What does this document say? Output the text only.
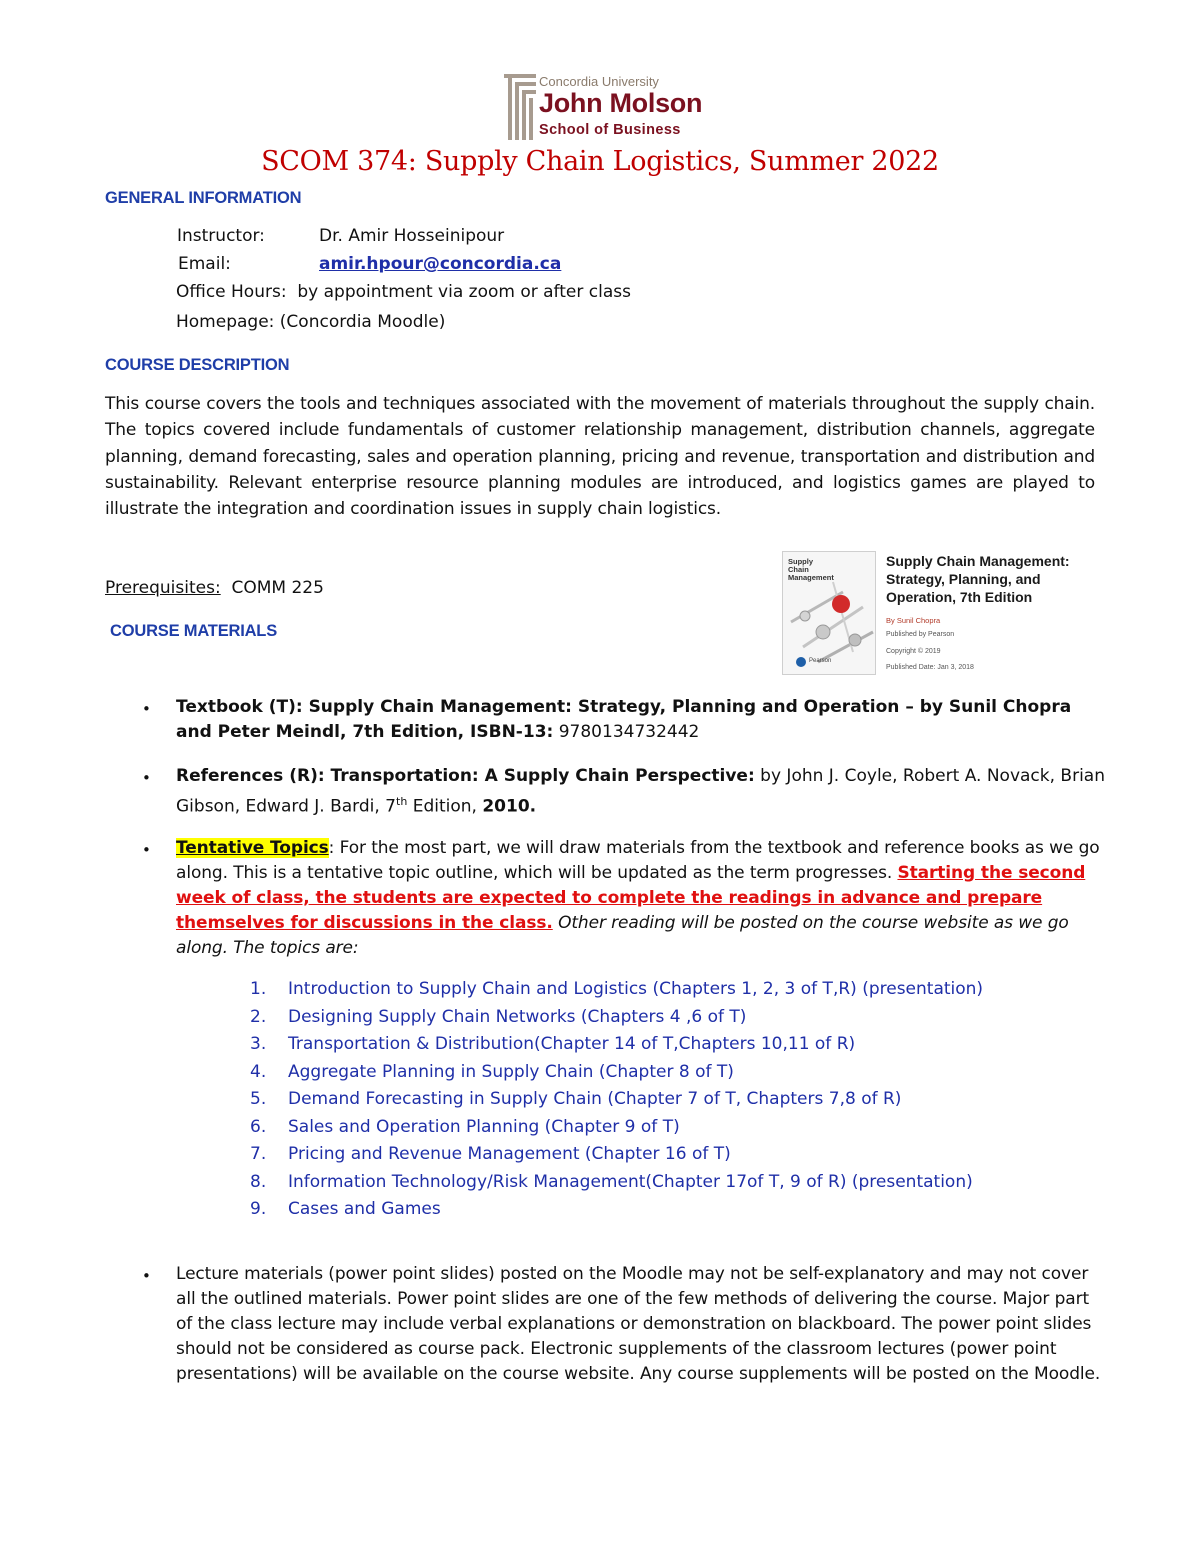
Concordia University
John Molson
School of Business
SCOM 374: Supply Chain Logistics, Summer 2022
GENERAL INFORMATION
Instructor:	Dr. Amir Hosseinipour
Email:	amir.hpour@concordia.ca
Office Hours: by appointment via zoom or after class
Homepage: (Concordia Moodle)
COURSE DESCRIPTION
This course covers the tools and techniques associated with the movement of materials throughout the supply chain. The topics covered include fundamentals of customer relationship management, distribution channels, aggregate planning, demand forecasting, sales and operation planning, pricing and revenue, transportation and distribution and sustainability. Relevant enterprise resource planning modules are introduced, and logistics games are played to illustrate the integration and coordination issues in supply chain logistics.
Prerequisites: COMM 225
COURSE MATERIALS
Supply Chain Management
Pearson
Supply Chain Management: Strategy, Planning, and Operation, 7th Edition
By Sunil Chopra
Published by Pearson
Copyright © 2019
Published Date: Jan 3, 2018
• Textbook (T): Supply Chain Management: Strategy, Planning and Operation – by Sunil Chopra and Peter Meindl, 7th Edition, ISBN-13: 9780134732442
• References (R): Transportation: A Supply Chain Perspective: by John J. Coyle, Robert A. Novack, Brian Gibson, Edward J. Bardi, 7th Edition, 2010.
• Tentative Topics: For the most part, we will draw materials from the textbook and reference books as we go along. This is a tentative topic outline, which will be updated as the term progresses. Starting the second week of class, the students are expected to complete the readings in advance and prepare themselves for discussions in the class. Other reading will be posted on the course website as we go along. The topics are:
1. Introduction to Supply Chain and Logistics (Chapters 1, 2, 3 of T,R) (presentation)
2. Designing Supply Chain Networks (Chapters 4 ,6 of T)
3. Transportation & Distribution(Chapter 14 of T,Chapters 10,11 of R)
4. Aggregate Planning in Supply Chain (Chapter 8 of T)
5. Demand Forecasting in Supply Chain (Chapter 7 of T, Chapters 7,8 of R)
6. Sales and Operation Planning (Chapter 9 of T)
7. Pricing and Revenue Management (Chapter 16 of T)
8. Information Technology/Risk Management(Chapter 17of T, 9 of R) (presentation)
9. Cases and Games
• Lecture materials (power point slides) posted on the Moodle may not be self-explanatory and may not cover all the outlined materials. Power point slides are one of the few methods of delivering the course. Major part of the class lecture may include verbal explanations or demonstration on blackboard. The power point slides should not be considered as course pack. Electronic supplements of the classroom lectures (power point presentations) will be available on the course website. Any course supplements will be posted on the Moodle.
